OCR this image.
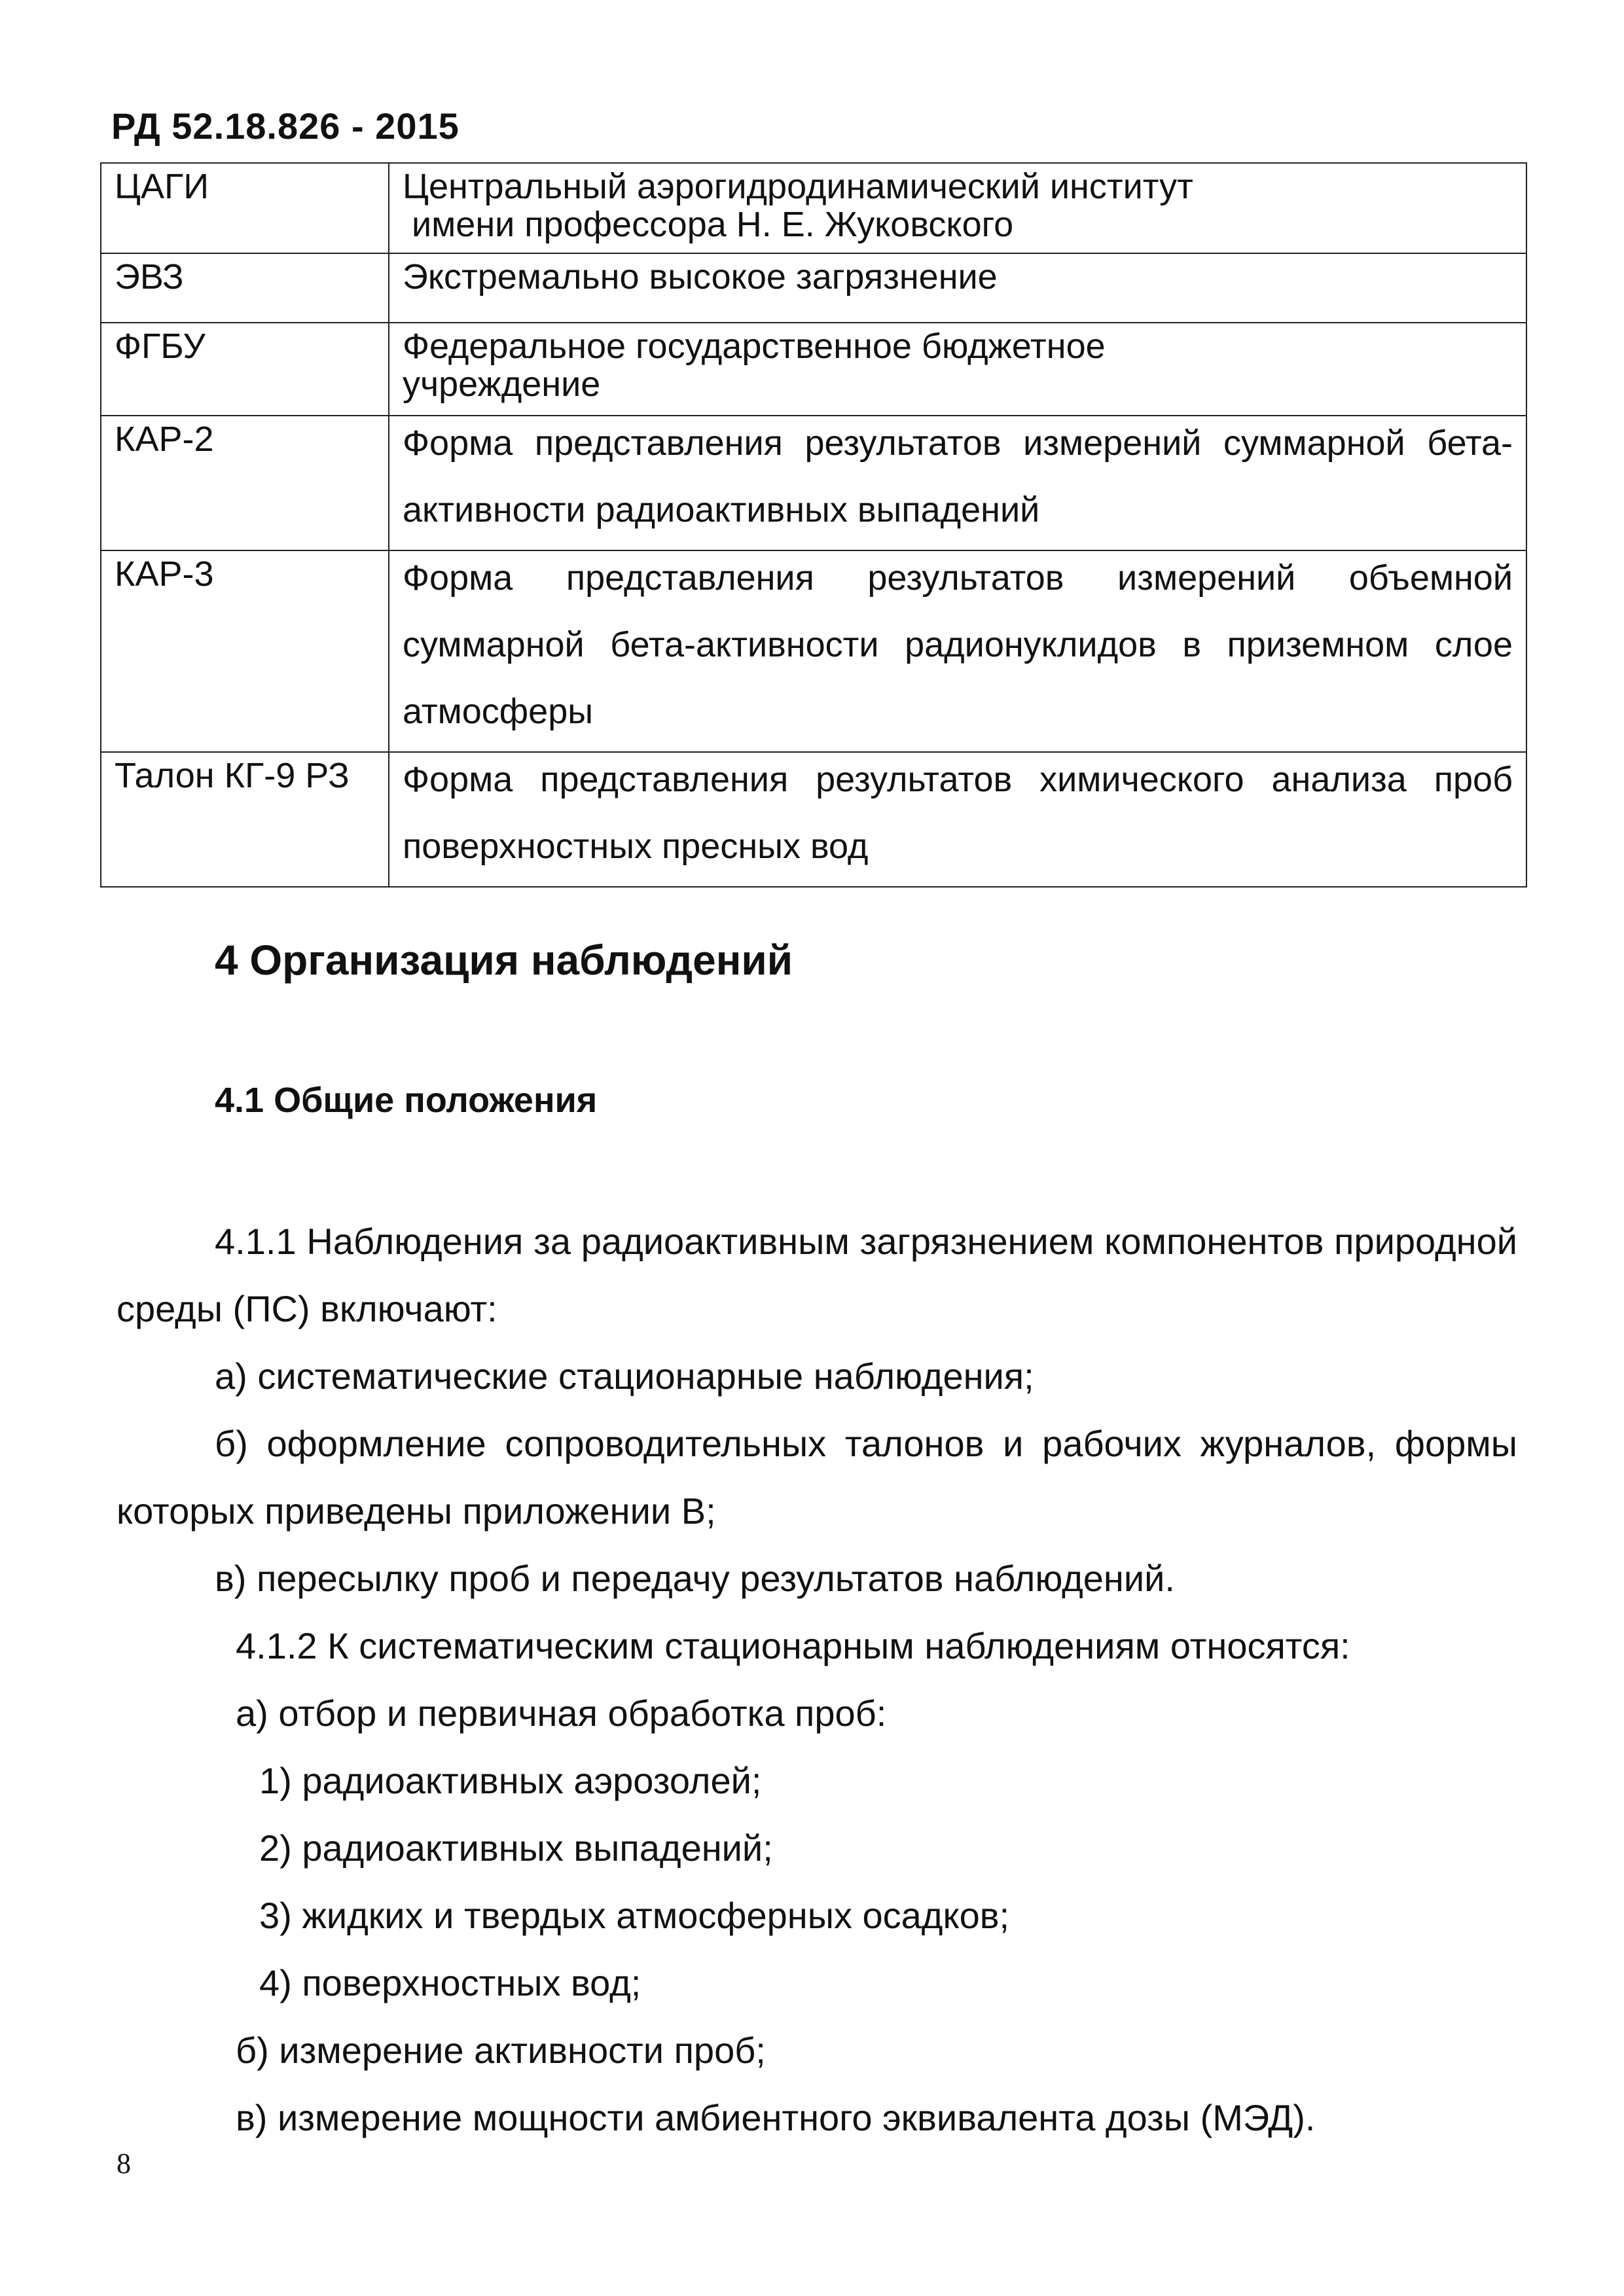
РД 52.18.826 - 2015
ЦАГИ	Центральный аэрогидродинамический институт
имени профессора Н. Е. Жуковского

ЭВЗ	Экстремально высокое загрязнение
ФГБУ	Федеральное государственное бюджетное
учреждение

КАР-2	Форма представления результатов измерений суммарной бета-активности радиоактивных выпадений

КАР-3	Форма представления результатов измерений объемной суммарной бета-активности радионуклидов в приземном слое атмосферы

Талон КГ-9 РЗ	Форма представления результатов химического анализа проб поверхностных пресных вод
4 Организация наблюдений
4.1 Общие положения

4.1.1 Наблюдения за радиоактивным загрязнением компонентов природной среды (ПС) включают:

а) систематические стационарные наблюдения;

б) оформление сопроводительных талонов и рабочих журналов, формы которых приведены приложении В;

в) пересылку проб и передачу результатов наблюдений.

4.1.2 К систематическим стационарным наблюдениям относятся:

а) отбор и первичная обработка проб:

1) радиоактивных аэрозолей;

2) радиоактивных выпадений;

3) жидких и твердых атмосферных осадков;

4) поверхностных вод;

б) измерение активности проб;

в) измерение мощности амбиентного эквивалента дозы (МЭД).

8
